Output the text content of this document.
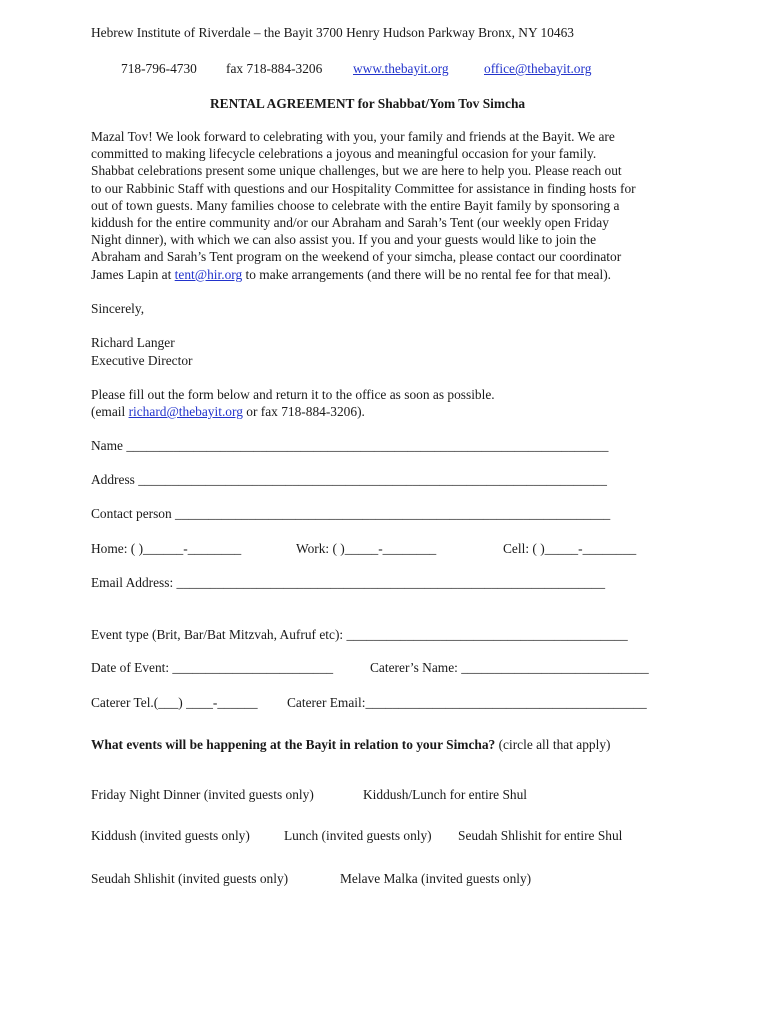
Hebrew Institute of Riverdale – the Bayit 3700 Henry Hudson Parkway Bronx, NY 10463
718-796-4730 fax 718-884-3206 www.thebayit.org	office@thebayit.org
RENTAL AGREEMENT for Shabbat/Yom Tov Simcha

Mazal Tov! We look forward to celebrating with you, your family and friends at the Bayit. We are

committed to making lifecycle celebrations a joyous and meaningful occasion for your family.

Shabbat celebrations present some unique challenges, but we are here to help you. Please reach out

to our Rabbinic Staff with questions and our Hospitality Committee for assistance in finding hosts for

out of town guests. Many families choose to celebrate with the entire Bayit family by sponsoring a

kiddush for the entire community and/or our Abraham and Sarah’s Tent (our weekly open Friday

Night dinner), with which we can also assist you. If you and your guests would like to join the

Abraham and Sarah’s Tent program on the weekend of your simcha, please contact our coordinator

James Lapin at tent@hir.org to make arrangements (and there will be no rental fee for that meal).

Sincerely,
Richard Langer
Executive Director
Please fill out the form below and return it to the office as soon as possible.
(email richard@thebayit.org or fax 718-884-3206).
Name ________________________________________________________________________
Address ______________________________________________________________________
Contact person _________________________________________________________________
Home: ( )______-________	Work: ( )_____-________	Cell: ( )_____-________
Email Address: ________________________________________________________________
Event type (Brit, Bar/Bat Mitzvah, Aufruf etc): __________________________________________
Date of Event: ________________________	Caterer’s Name: ____________________________
Caterer Tel.(___) ____-______ Caterer Email:__________________________________________
What events will be happening at the Bayit in relation to your Simcha? (circle all that apply)
Friday Night Dinner (invited guests only)	Kiddush/Lunch for entire Shul
Kiddush (invited guests only)	Lunch (invited guests only) Seudah Shlishit for entire Shul
Seudah Shlishit (invited guests only)	Melave Malka (invited guests only)
